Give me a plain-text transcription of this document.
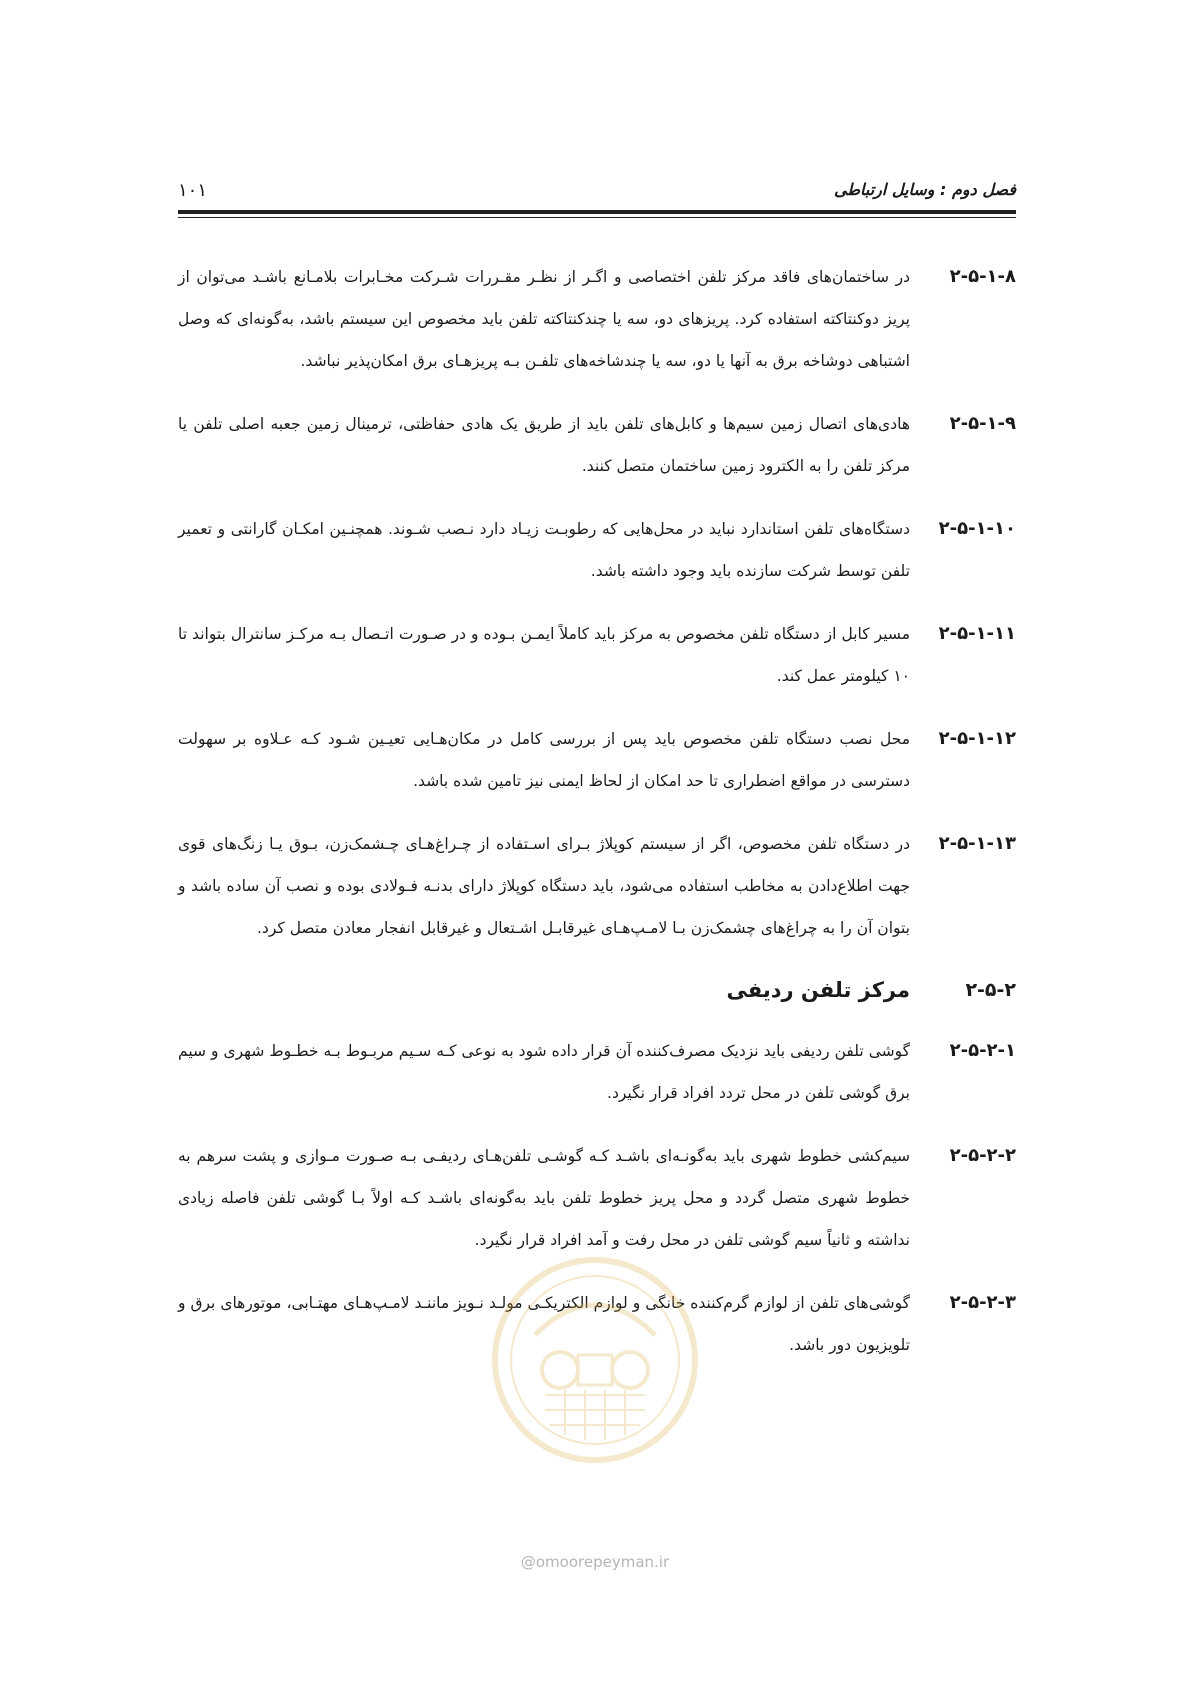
۱۰۱	فصل دوم : وسایل ارتباطی
۲-۵-۱-۸
در ساختمان‌های فاقد مرکز تلفن اختصاصی و اگـر از نظـر مقـررات شـرکت مخـابرات بلامـانع باشـد می‌توان از پریز دوکنتاکته استفاده کرد. پریزهای دو، سه یا چندکنتاکته تلفن باید مخصوص این سیستم باشد، به‌گونه‌ای که وصل اشتباهی دوشاخه برق به آنها یا دو، سه یا چندشاخه‌های تلفـن بـه پریزهـای برق امکان‌پذیر نباشد.
۲-۵-۱-۹
هادی‌های اتصال زمین سیم‌ها و کابل‌های تلفن باید از طریق یک هادی حفاظتی، ترمینال زمین جعبه اصلی تلفن یا مرکز تلفن را به الکترود زمین ساختمان متصل کنند.
۲-۵-۱-۱۰
دستگاه‌های تلفن استاندارد نباید در محل‌هایی که رطوبـت زیـاد دارد نـصب شـوند. همچنـین امکـان گارانتی و تعمیر تلفن توسط شرکت سازنده باید وجود داشته باشد.
۲-۵-۱-۱۱
مسیر کابل از دستگاه تلفن مخصوص به مرکز باید کاملاً ایمـن بـوده و در صـورت اتـصال بـه مرکـز سانترال بتواند تا ۱۰ کیلومتر عمل کند.
۲-۵-۱-۱۲
محل نصب دستگاه تلفن مخصوص باید پس از بررسی کامل در مکان‌هـایی تعیـین شـود کـه عـلاوه بر سهولت دسترسی در مواقع اضطراری تا حد امکان از لحاظ ایمنی نیز تامین شده باشد.
۲-۵-۱-۱۳
در دستگاه تلفن مخصوص، اگر از سیستم کوپلاژ بـرای اسـتفاده از چـراغ‌هـای چـشمک‌زن، بـوق یـا زنگ‌های قوی جهت اطلاع‌دادن به مخاطب استفاده می‌شود، باید دستگاه کوپلاژ دارای بدنـه فـولادی بوده و نصب آن ساده باشد و بتوان آن را به چراغ‌های چشمک‌زن بـا لامـپ‌هـای غیرقابـل اشـتعال و غیرقابل انفجار معادن متصل کرد.
۲-۵-۲
مرکز تلفن ردیفی
۲-۵-۲-۱
گوشی تلفن ردیفی باید نزدیک مصرف‌کننده آن قرار داده شود به نوعی کـه سـیم مربـوط بـه خطـوط شهری و سیم برق گوشی تلفن در محل تردد افراد قرار نگیرد.
۲-۵-۲-۲
سیم‌کشی خطوط شهری باید به‌گونـه‌ای باشـد کـه گوشـی تلفن‌هـای ردیفـی بـه صـورت مـوازی و پشت سرهم به خطوط شهری متصل گردد و محل پریز خطوط تلفن باید به‌گونه‌ای باشـد کـه اولاً بـا گوشی تلفن فاصله زیادی نداشته و ثانیاً سیم گوشی تلفن در محل رفت و آمد افراد قرار نگیرد.
۲-۵-۲-۳
گوشی‌های تلفن از لوازم گرم‌کننده خانگی و لوازم الکتریکـی مولـد نـویز ماننـد لامـپ‌هـای مهتـابی، موتورهای برق و تلویزیون دور باشد.
@omoorepeyman.ir
